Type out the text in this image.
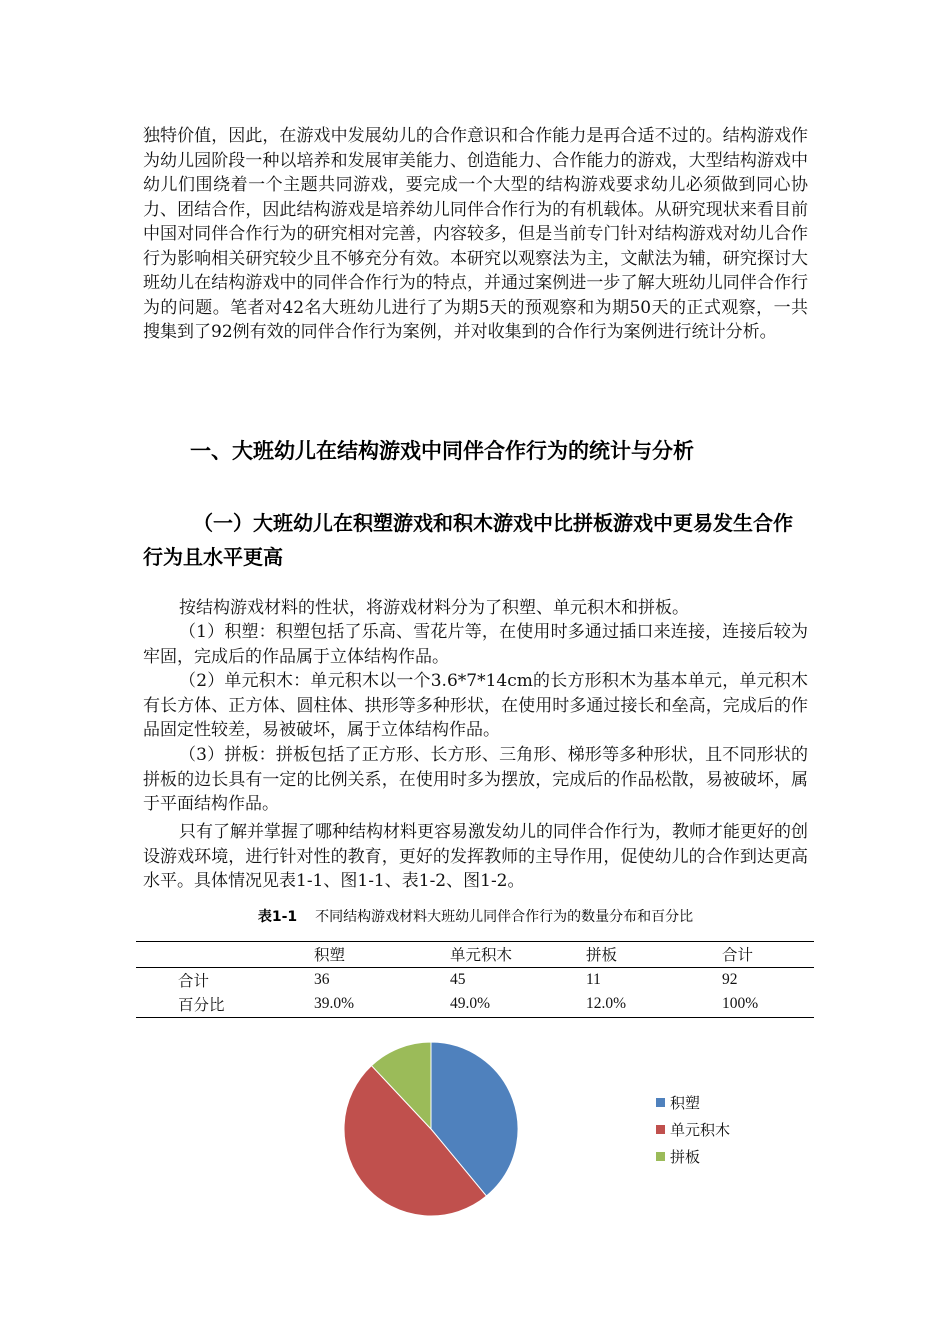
独特价值，因此，在游戏中发展幼儿的合作意识和合作能力是再合适不过的。结构游戏作为幼儿园阶段一种以培养和发展审美能力、创造能力、合作能力的游戏，大型结构游戏中幼儿们围绕着一个主题共同游戏，要完成一个大型的结构游戏要求幼儿必须做到同心协力、团结合作，因此结构游戏是培养幼儿同伴合作行为的有机载体。从研究现状来看目前中国对同伴合作行为的研究相对完善，内容较多，但是当前专门针对结构游戏对幼儿合作行为影响相关研究较少且不够充分有效。本研究以观察法为主，文献法为辅，研究探讨大班幼儿在结构游戏中的同伴合作行为的特点，并通过案例进一步了解大班幼儿同伴合作行为的问题。笔者对42名大班幼儿进行了为期5天的预观察和为期50天的正式观察，一共搜集到了92例有效的同伴合作行为案例，并对收集到的合作行为案例进行统计分析。

一、大班幼儿在结构游戏中同伴合作行为的统计与分析
（一）大班幼儿在积塑游戏和积木游戏中比拼板游戏中更易发生合作行为且水平更高

按结构游戏材料的性状，将游戏材料分为了积塑、单元积木和拼板。

（1）积塑：积塑包括了乐高、雪花片等，在使用时多通过插口来连接，连接后较为牢固，完成后的作品属于立体结构作品。

（2）单元积木：单元积木以一个3.6*7*14cm的长方形积木为基本单元，单元积木有长方体、正方体、圆柱体、拱形等多种形状，在使用时多通过接长和垒高，完成后的作品固定性较差，易被破坏，属于立体结构作品。

（3）拼板：拼板包括了正方形、长方形、三角形、梯形等多种形状，且不同形状的拼板的边长具有一定的比例关系，在使用时多为摆放，完成后的作品松散，易被破坏，属于平面结构作品。

只有了解并掌握了哪种结构材料更容易激发幼儿的同伴合作行为，教师才能更好的创设游戏环境，进行针对性的教育，更好的发挥教师的主导作用，促使幼儿的合作到达更高水平。具体情况见表1-1、图1-1、表1-2、图1-2。

表1-1 不同结构游戏材料大班幼儿同伴合作行为的数量分布和百分比
	积塑	单元积木	拼板	合计
合计	36	45	11	92
百分比	39.0%	49.0%	12.0%	100%
积塑
单元积木
拼板
